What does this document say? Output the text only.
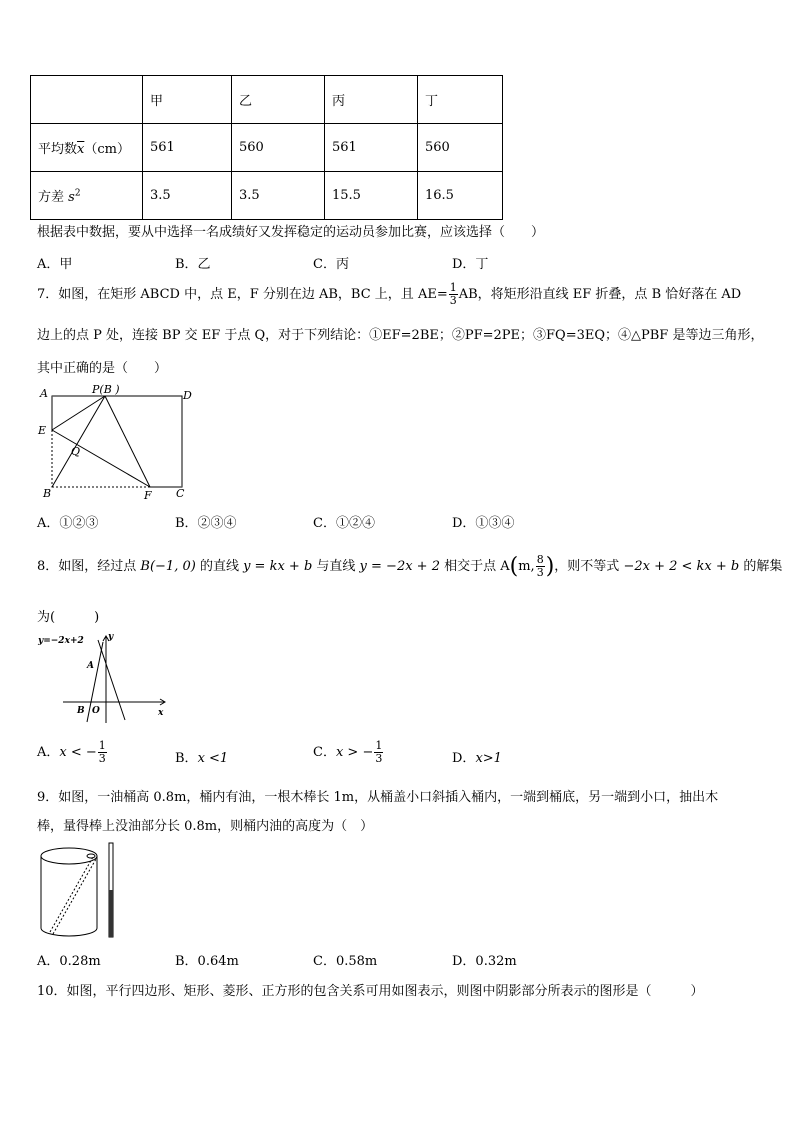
	甲	乙	丙	丁
平均数$\overline{x}(cm)$	561	560	561	560
方差 $s^2$	3.5	3.5	15.5	16.5
根据表中数据，要从中选择一名成绩好又发挥稳定的运动员参加比赛，应该选择（　　）
A．甲	B．乙	C．丙	D．丁
7．如图，在矩形 ABCD 中，点 E，F 分别在边 AB，BC 上，且 $AE= \frac{1}{3}$ AB，将矩形沿直线 EF 折叠，点 B 恰好落在 AD
边上的点 P 处，连接 BP 交 EF 于点 Q，对于下列结论：①EF=2BE；②PF=2PE；③FQ=3EQ；④△PBF 是等边三角形，
其中正确的是（　　）
A	P(B )	D
E
Q
B	F C
A．①②③	B．②③④	C．①②④	D．①③④
8．如图，经过点 B(−1, 0) 的直线 y = kx + b 与直线 y = −2x + 2 相交于点 A(m, $\frac{8}{3}$ )，则不等式 −2x + 2 < kx + b 的解集
为(　　　)
y=−2x+2	y
A
B O	x
A．x < − $\frac{1}{3}$	B．x <1	C．x > − $\frac{1}{3}$	D．x>1
9．如图，一油桶高 0.8m，桶内有油，一根木棒长 1m，从桶盖小口斜插入桶内，一端到桶底，另一端到小口，抽出木
棒，量得棒上没油部分长 0.8m，则桶内油的高度为（　）
A．0.28m	B．0.64m	C．0.58m	D．0.32m
10．如图，平行四边形、矩形、菱形、正方形的包含关系可用如图表示，则图中阴影部分所表示的图形是（　　　）
